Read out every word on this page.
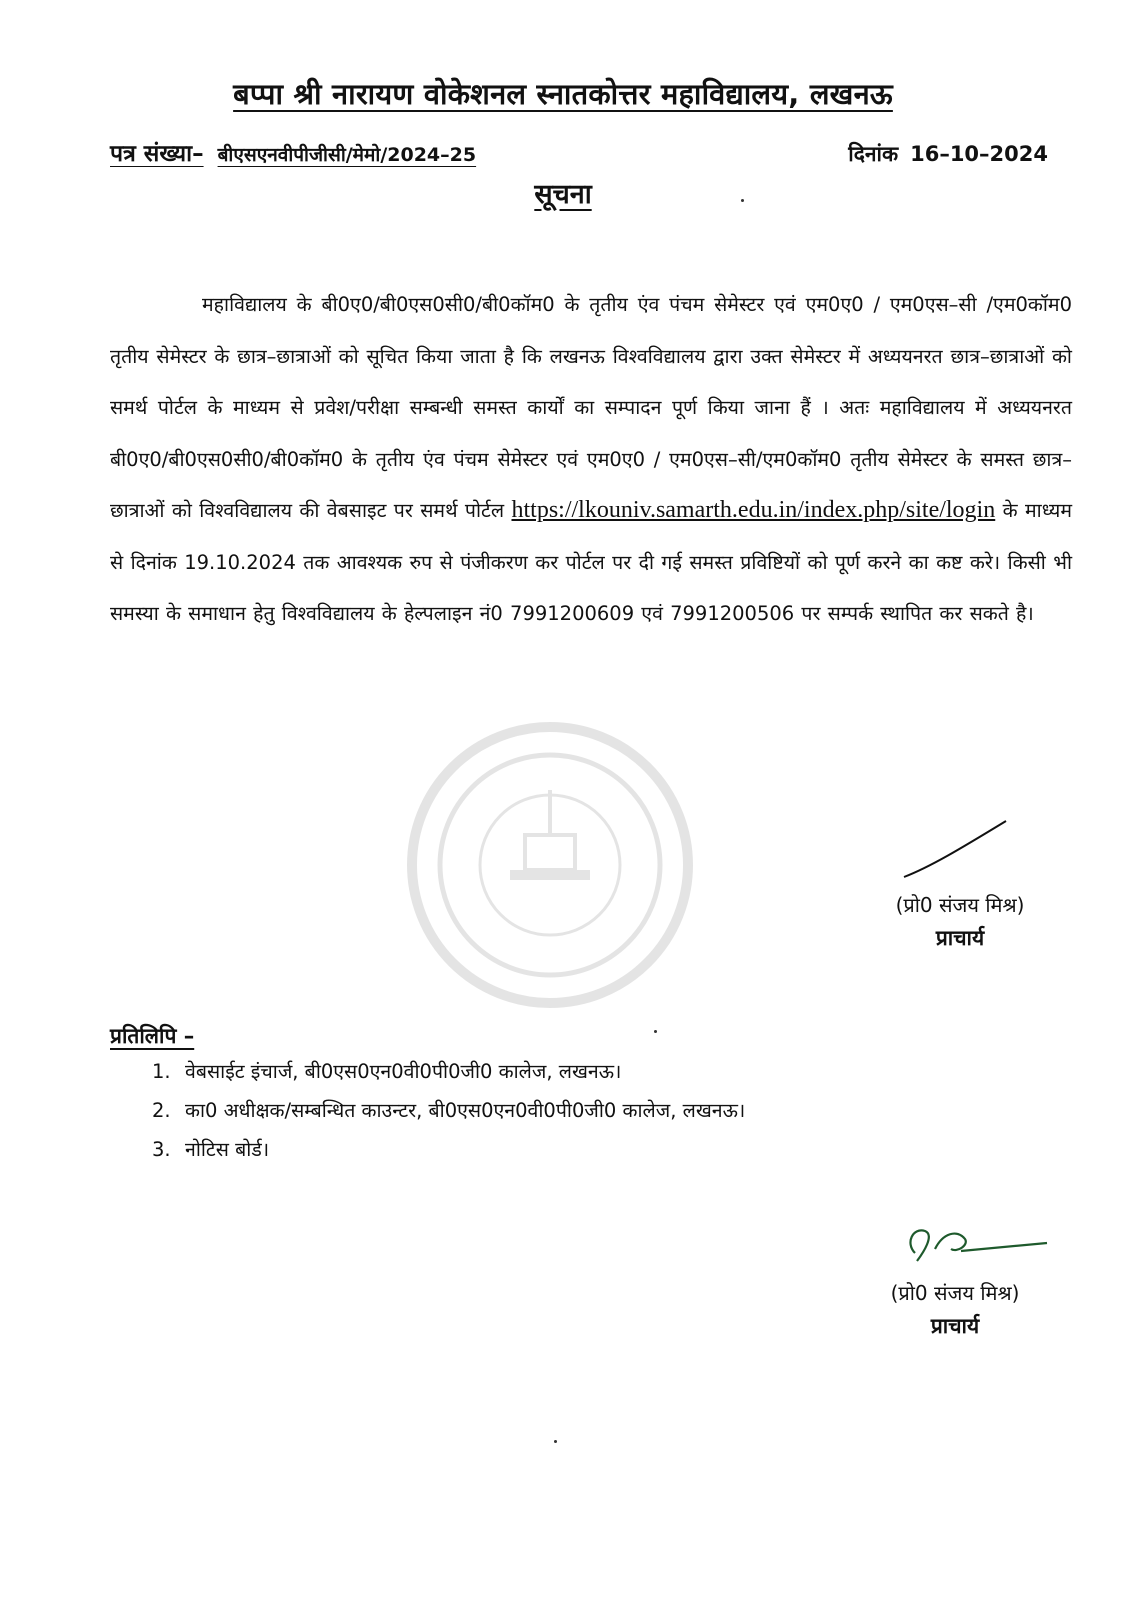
बप्पा श्री नारायण वोकेशनल स्नातकोत्तर महाविद्यालय, लखनऊ
पत्र संख्या– बीएसएनवीपीजीसी/मेमो/2024–25	दिनांक 16–10–2024
सूचना
महाविद्यालय के बी0ए0/बी0एस0सी0/बी0कॉम0 के तृतीय एंव पंचम सेमेस्टर एवं एम0ए0 / एम0एस–सी /एम0कॉम0 तृतीय सेमेस्टर के छात्र–छात्राओं को सूचित किया जाता है कि लखनऊ विश्वविद्यालय द्वारा उक्त सेमेस्टर में अध्ययनरत छात्र–छात्राओं को समर्थ पोर्टल के माध्यम से प्रवेश/परीक्षा सम्बन्धी समस्त कार्यों का सम्पादन पूर्ण किया जाना हैं । अतः महाविद्यालय में अध्ययनरत बी0ए0/बी0एस0सी0/बी0कॉम0 के तृतीय एंव पंचम सेमेस्टर एवं एम0ए0 / एम0एस–सी/एम0कॉम0 तृतीय सेमेस्टर के समस्त छात्र–छात्राओं को विश्वविद्यालय की वेबसाइट पर समर्थ पोर्टल https://lkouniv.samarth.edu.in/index.php/site/login के माध्यम से दिनांक 19.10.2024 तक आवश्यक रुप से पंजीकरण कर पोर्टल पर दी गई समस्त प्रविष्टियों को पूर्ण करने का कष्ट करे। किसी भी समस्या के समाधान हेतु विश्वविद्यालय के हेल्पलाइन नं0 7991200609 एवं 7991200506 पर सम्पर्क स्थापित कर सकते है।
(प्रो0 संजय मिश्र)
प्राचार्य
प्रतिलिपि –
1. वेबसाईट इंचार्ज, बी0एस0एन0वी0पी0जी0 कालेज, लखनऊ।
2. का0 अधीक्षक/सम्बन्धित काउन्टर, बी0एस0एन0वी0पी0जी0 कालेज, लखनऊ।
3. नोटिस बोर्ड।
(प्रो0 संजय मिश्र)
प्राचार्य
